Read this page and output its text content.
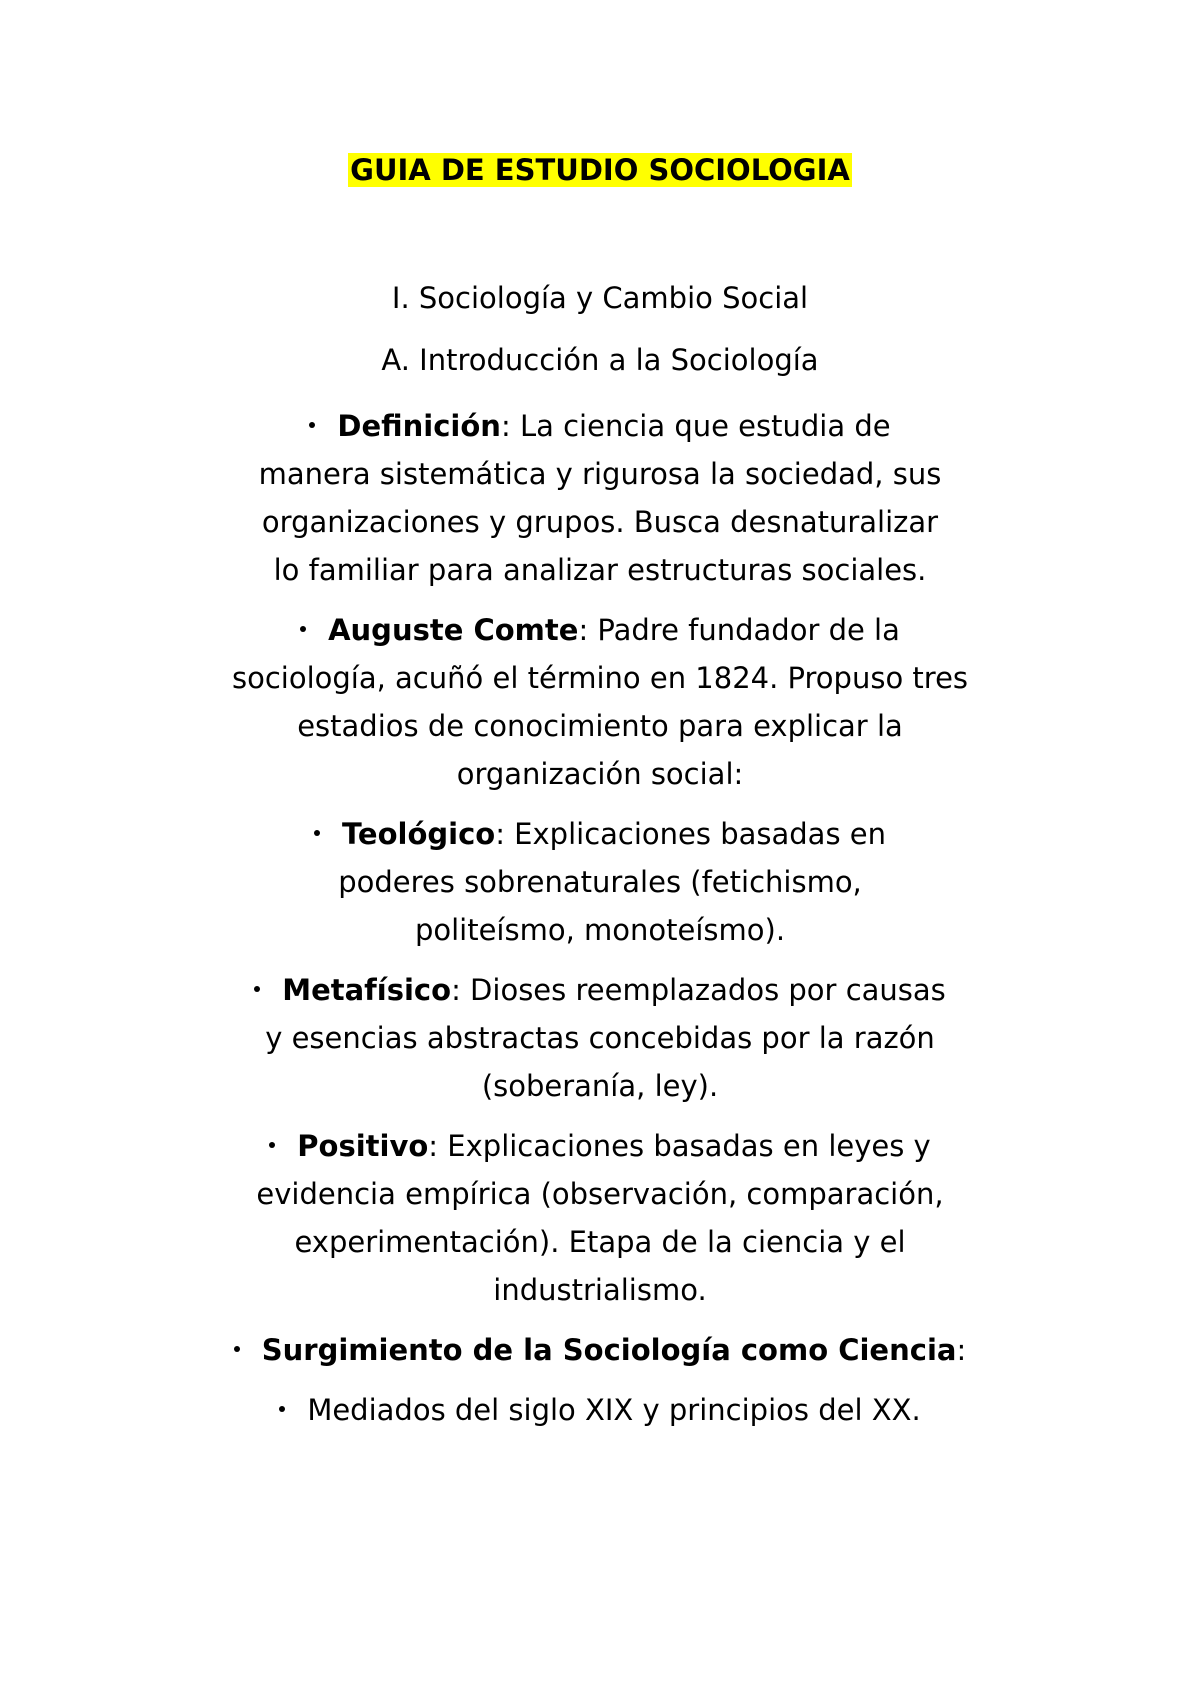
GUIA DE ESTUDIO SOCIOLOGIA

I. Sociología y Cambio Social

A. Introducción a la Sociología

Definición: La ciencia que estudia de manera sistemática y rigurosa la sociedad, sus organizaciones y grupos. Busca desnaturalizar lo familiar para analizar estructuras sociales.
Auguste Comte: Padre fundador de la sociología, acuñó el término en 1824. Propuso tres estadios de conocimiento para explicar la organización social:
Teológico: Explicaciones basadas en poderes sobrenaturales (fetichismo, politeísmo, monoteísmo).
Metafísico: Dioses reemplazados por causas y esencias abstractas concebidas por la razón (soberanía, ley).
Positivo: Explicaciones basadas en leyes y evidencia empírica (observación, comparación, experimentación). Etapa de la ciencia y el industrialismo.
Surgimiento de la Sociología como Ciencia:
Mediados del siglo XIX y principios del XX.
